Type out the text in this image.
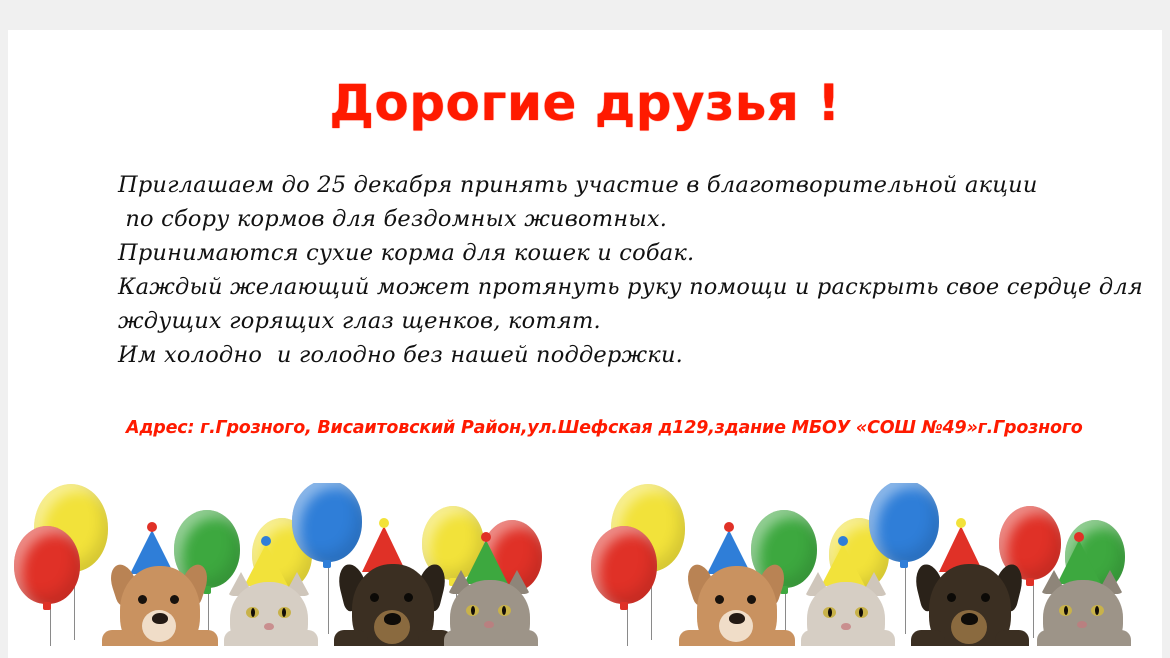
Дорогие друзья !

Приглашаем до 25 декабря принять участие в благотворительной акции

по сбору кормов для бездомных животных.

Принимаются сухие корма для кошек и собак.

Каждый желающий может протянуть руку помощи и раскрыть свое сердце для

ждущих горящих глаз щенков, котят.

Им холодно  и голодно без нашей поддержки.

Адрес: г.Грозного, Висаитовский Район,ул.Шефская д129,здание МБОУ «СОШ №49»г.Грозного
